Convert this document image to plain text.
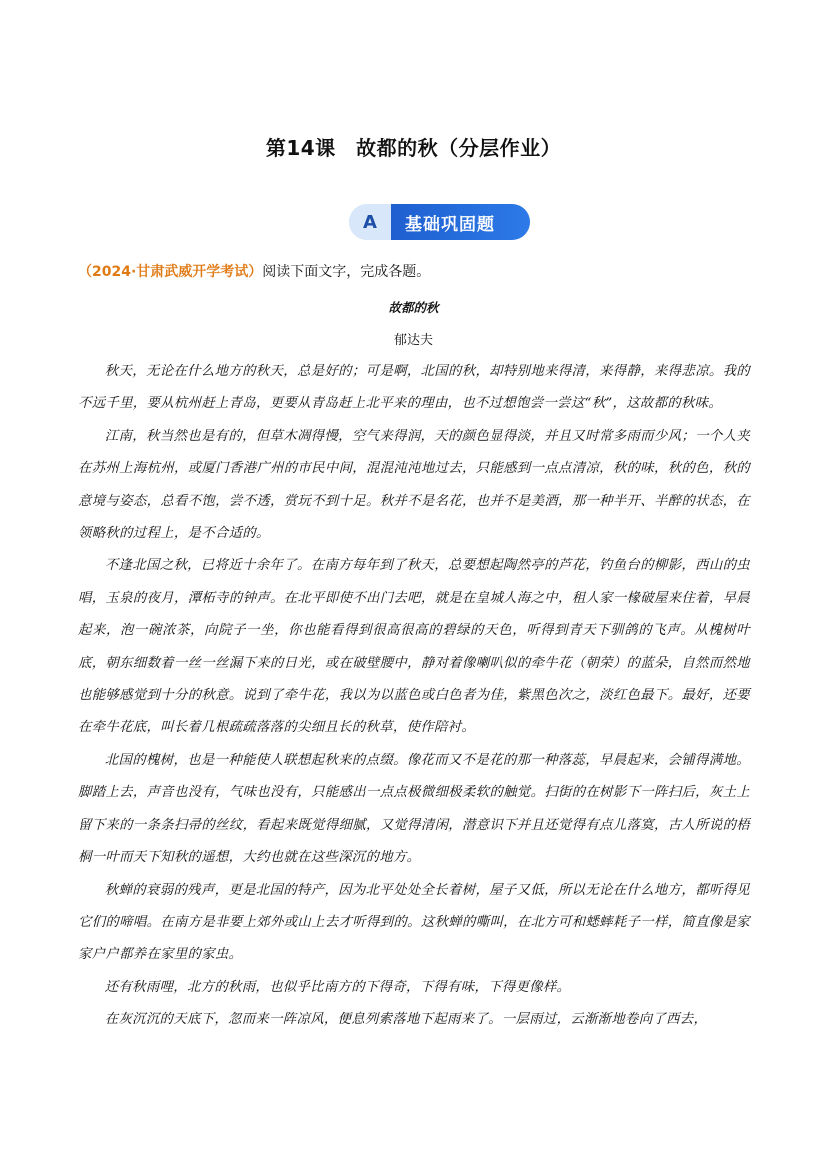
第14课　故都的秋（分层作业）
A	基础巩固题
（2024·甘肃武威开学考试）阅读下面文字，完成各题。
故都的秋
郁达夫

秋天，无论在什么地方的秋天，总是好的；可是啊，北国的秋，却特别地来得清，来得静，来得悲凉。我的不远千里，要从杭州赶上青岛，更要从青岛赶上北平来的理由，也不过想饱尝一尝这“秋”，这故都的秋味。

江南，秋当然也是有的，但草木凋得慢，空气来得润，天的颜色显得淡，并且又时常多雨而少风；一个人夹在苏州上海杭州，或厦门香港广州的市民中间，混混沌沌地过去，只能感到一点点清凉，秋的味，秋的色，秋的意境与姿态，总看不饱，尝不透，赏玩不到十足。秋并不是名花，也并不是美酒，那一种半开、半醉的状态，在领略秋的过程上，是不合适的。

不逢北国之秋，已将近十余年了。在南方每年到了秋天，总要想起陶然亭的芦花，钓鱼台的柳影，西山的虫唱，玉泉的夜月，潭柘寺的钟声。在北平即使不出门去吧，就是在皇城人海之中，租人家一椽破屋来住着，早晨起来，泡一碗浓茶，向院子一坐，你也能看得到很高很高的碧绿的天色，听得到青天下驯鸽的飞声。从槐树叶底，朝东细数着一丝一丝漏下来的日光，或在破壁腰中，静对着像喇叭似的牵牛花（朝荣）的蓝朵，自然而然地也能够感觉到十分的秋意。说到了牵牛花，我以为以蓝色或白色者为佳，紫黑色次之，淡红色最下。最好，还要在牵牛花底，叫长着几根疏疏落落的尖细且长的秋草，使作陪衬。

北国的槐树，也是一种能使人联想起秋来的点缀。像花而又不是花的那一种落蕊，早晨起来，会铺得满地。脚踏上去，声音也没有，气味也没有，只能感出一点点极微细极柔软的触觉。扫街的在树影下一阵扫后，灰土上留下来的一条条扫帚的丝纹，看起来既觉得细腻，又觉得清闲，潜意识下并且还觉得有点儿落寞，古人所说的梧桐一叶而天下知秋的遥想，大约也就在这些深沉的地方。

秋蝉的衰弱的残声，更是北国的特产，因为北平处处全长着树，屋子又低，所以无论在什么地方，都听得见它们的啼唱。在南方是非要上郊外或山上去才听得到的。这秋蝉的嘶叫，在北方可和蟋蟀耗子一样，简直像是家家户户都养在家里的家虫。

还有秋雨哩，北方的秋雨，也似乎比南方的下得奇，下得有味，下得更像样。

在灰沉沉的天底下，忽而来一阵凉风，便息列索落地下起雨来了。一层雨过，云渐渐地卷向了西去，
